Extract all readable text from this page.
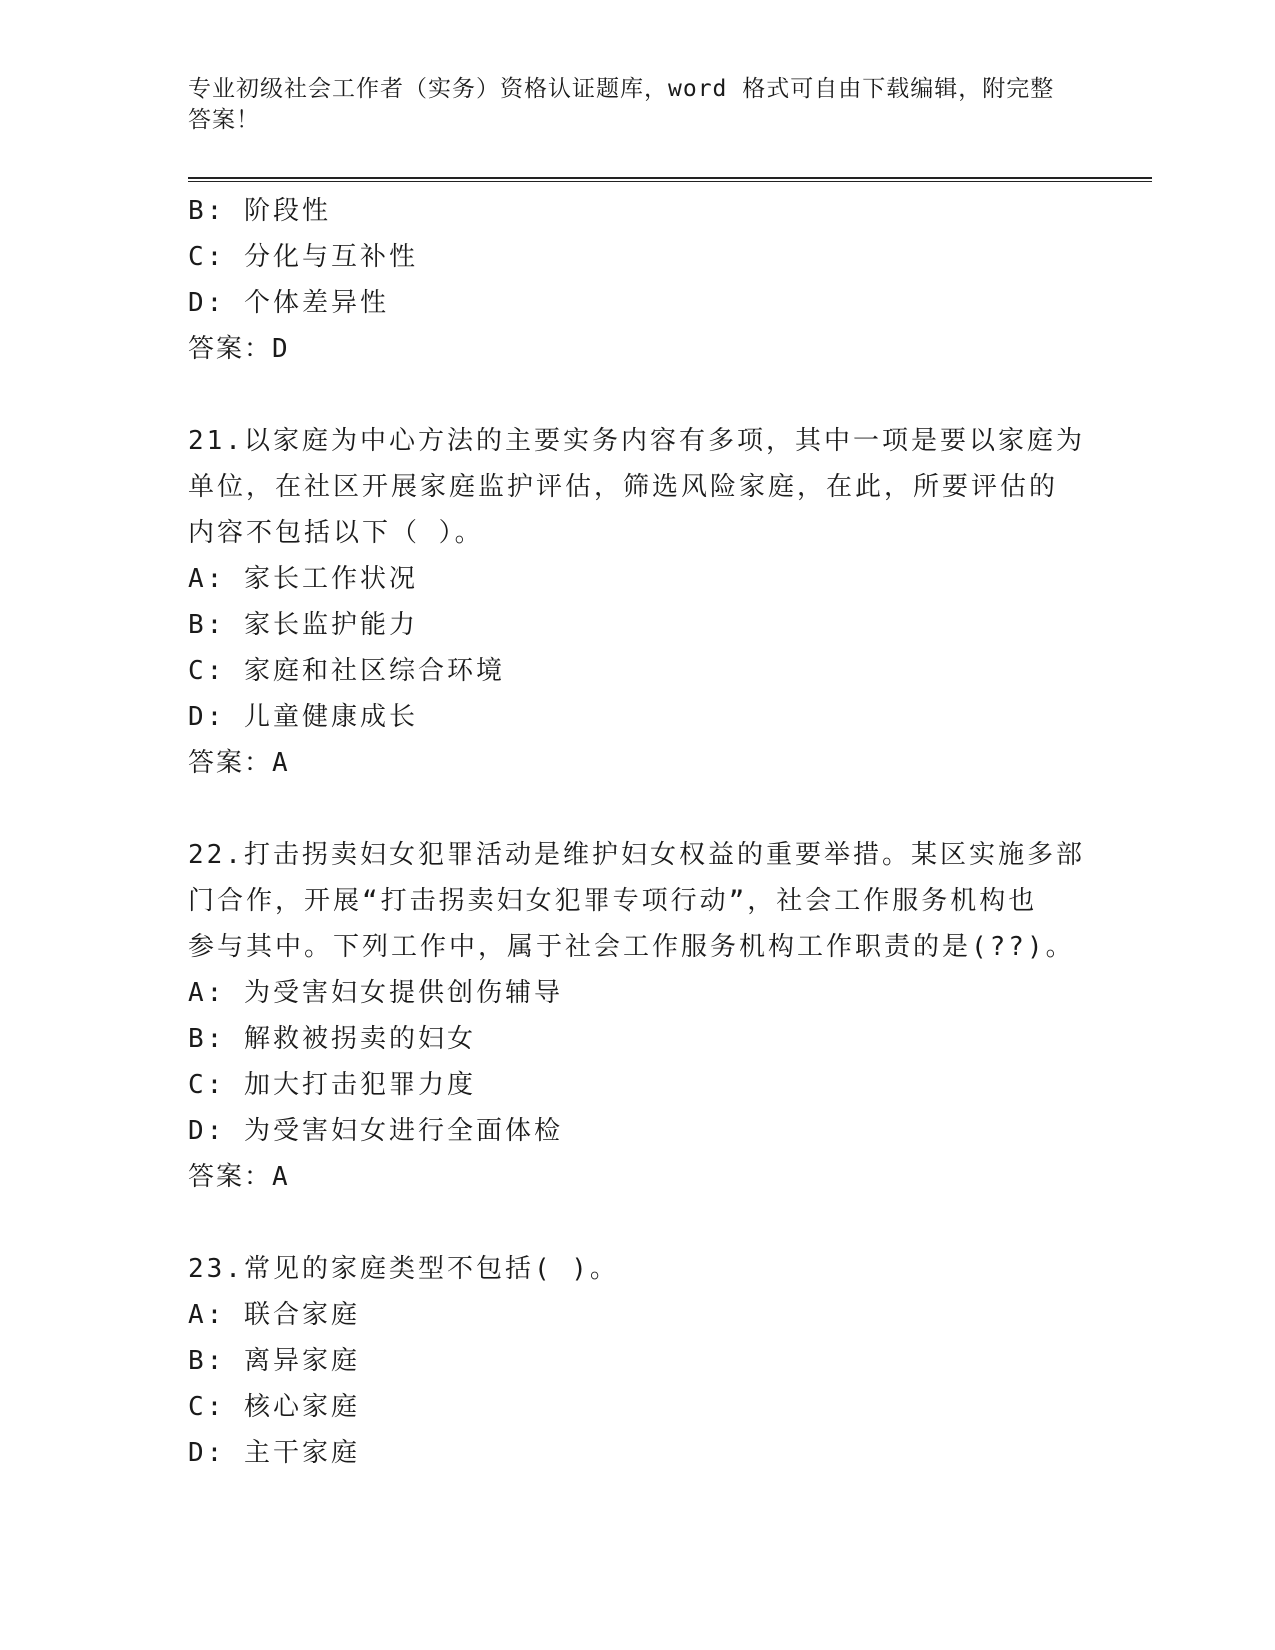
专业初级社会工作者（实务）资格认证题库，word 格式可自由下载编辑，附完整
答案！
B: 阶段性
C: 分化与互补性
D: 个体差异性
答案：D
21.以家庭为中心方法的主要实务内容有多项，其中一项是要以家庭为
单位，在社区开展家庭监护评估，筛选风险家庭，在此，所要评估的
内容不包括以下（ ）。
A: 家长工作状况
B: 家长监护能力
C: 家庭和社区综合环境
D: 儿童健康成长
答案：A
22.打击拐卖妇女犯罪活动是维护妇女权益的重要举措。某区实施多部
门合作，开展“打击拐卖妇女犯罪专项行动”，社会工作服务机构也
参与其中。下列工作中，属于社会工作服务机构工作职责的是(??)。
A: 为受害妇女提供创伤辅导
B: 解救被拐卖的妇女
C: 加大打击犯罪力度
D: 为受害妇女进行全面体检
答案：A
23.常见的家庭类型不包括( )。
A: 联合家庭
B: 离异家庭
C: 核心家庭
D: 主干家庭
